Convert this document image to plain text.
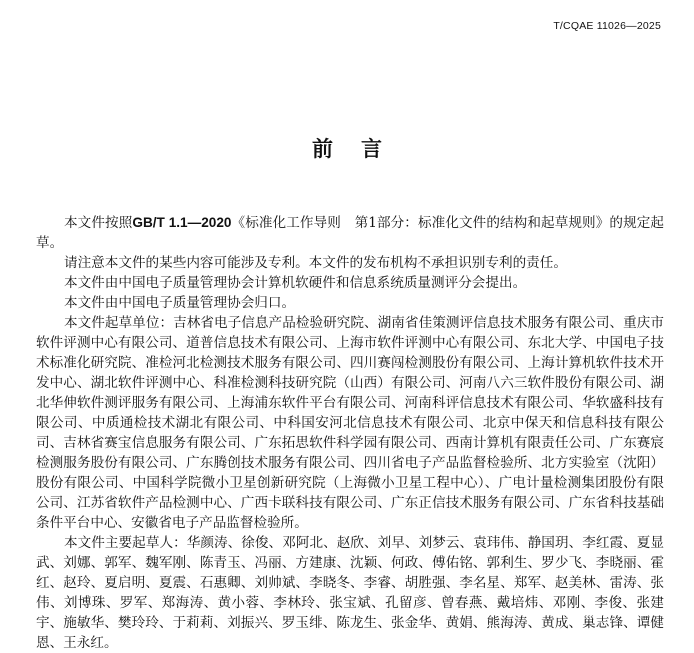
T/CQAE 11026—2025
前言

本文件按照GB/T 1.1—2020《标准化工作导则　第1部分：标准化文件的结构和起草规则》的规定起草。

请注意本文件的某些内容可能涉及专利。本文件的发布机构不承担识别专利的责任。

本文件由中国电子质量管理协会计算机软硬件和信息系统质量测评分会提出。

本文件由中国电子质量管理协会归口。

本文件起草单位：吉林省电子信息产品检验研究院、湖南省佳策测评信息技术服务有限公司、重庆市软件评测中心有限公司、道普信息技术有限公司、上海市软件评测中心有限公司、东北大学、中国电子技术标准化研究院、准检河北检测技术服务有限公司、四川赛闯检测股份有限公司、上海计算机软件技术开发中心、湖北软件评测中心、科准检测科技研究院（山西）有限公司、河南八六三软件股份有限公司、湖北华伸软件测评服务有限公司、上海浦东软件平台有限公司、河南科评信息技术有限公司、华软盛科技有限公司、中质通检技术湖北有限公司、中科国安河北信息技术有限公司、北京中保天和信息科技有限公司、吉林省赛宝信息服务有限公司、广东拓思软件科学园有限公司、西南计算机有限责任公司、广东赛宸检测服务股份有限公司、广东腾创技术服务有限公司、四川省电子产品监督检验所、北方实验室（沈阳）股份有限公司、中国科学院微小卫星创新研究院（上海微小卫星工程中心）、广电计量检测集团股份有限公司、江苏省软件产品检测中心、广西卡联科技有限公司、广东正信技术服务有限公司、广东省科技基础条件平台中心、安徽省电子产品监督检验所。

本文件主要起草人：华颜涛、徐俊、邓阿北、赵欣、刘早、刘梦云、袁玮伟、静国玥、李红霞、夏显武、刘娜、郭军、魏军刚、陈青玉、冯丽、方建康、沈颖、何政、傅佑铭、郭利生、罗少飞、李晓丽、霍红、赵玲、夏启明、夏震、石惠卿、刘帅斌、李晓冬、李睿、胡胜强、李名星、郑军、赵美林、雷涛、张伟、刘博珠、罗军、郑海涛、黄小蓉、李林玲、张宝斌、孔留彦、曾春燕、戴培炜、邓刚、李俊、张建宇、施敏华、樊玲玲、于莉莉、刘振兴、罗玉绯、陈龙生、张金华、黄娟、熊海涛、黄成、巢志锋、谭健恩、王永红。
